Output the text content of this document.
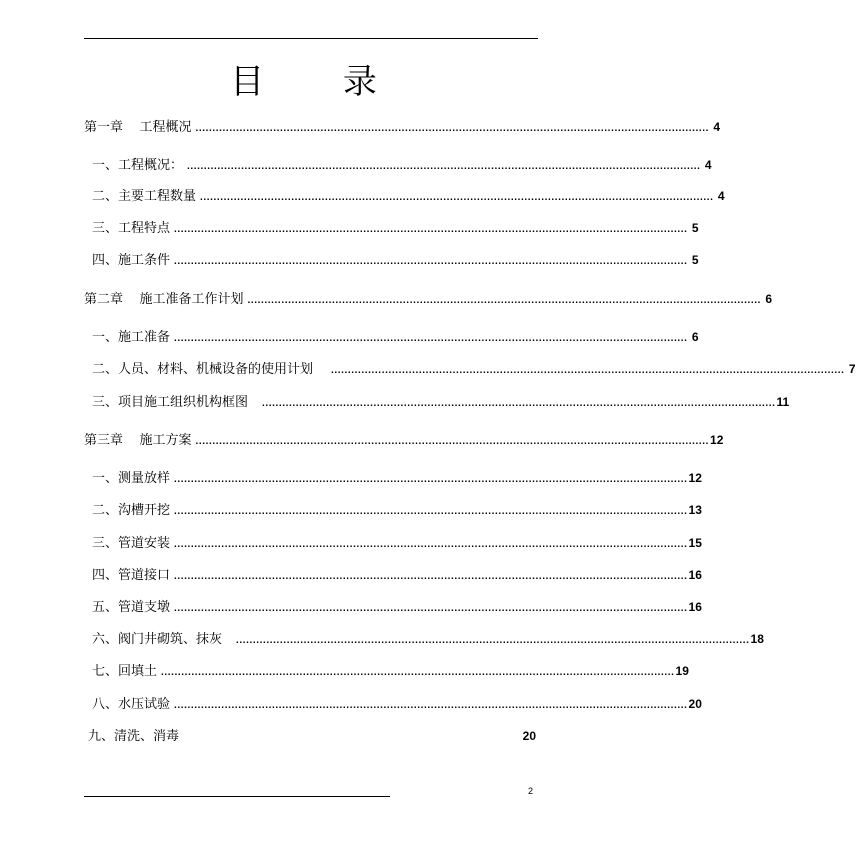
目 录
第一章    工程概况 ........................................................................................................................................................ 4
一、工程概况： ........................................................................................................................................................ 4
二、主要工程数量 ........................................................................................................................................................ 4
三、工程特点 ........................................................................................................................................................ 5
四、施工条件 ........................................................................................................................................................ 5
第二章    施工准备工作计划 ........................................................................................................................................................ 6
一、施工准备 ........................................................................................................................................................ 6
二、人员、材料、机械设备的使用计划 ........................................................................................................................................................ 7
三、项目施工组织机构框图 ........................................................................................................................................................ 11
第三章    施工方案 ........................................................................................................................................................ 12
一、测量放样 ........................................................................................................................................................ 12
二、沟槽开挖 ........................................................................................................................................................ 13
三、管道安装 ........................................................................................................................................................ 15
四、管道接口 ........................................................................................................................................................ 16
五、管道支墩 ........................................................................................................................................................ 16
六、阀门井砌筑、抹灰 ........................................................................................................................................................ 18
七、回填土 ........................................................................................................................................................ 19
八、水压试验 ........................................................................................................................................................ 20
九、清洗、消毒	20
2
